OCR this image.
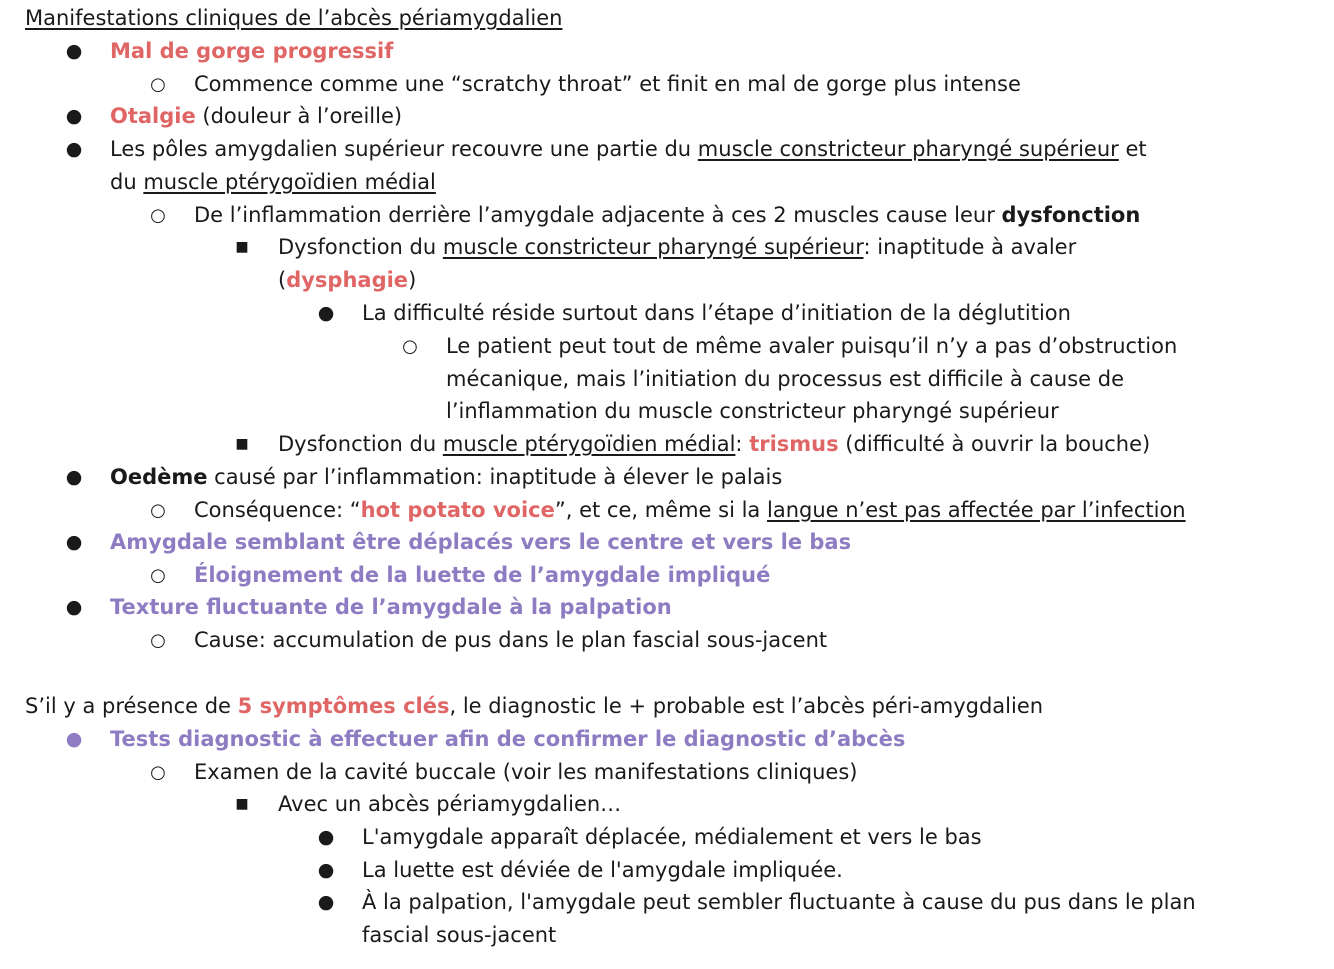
Manifestations cliniques de l’abcès périamygdalien
● Mal de gorge progressif
○ Commence comme une “scratchy throat” et finit en mal de gorge plus intense
● Otalgie (douleur à l’oreille)
● Les pôles amygdalien supérieur recouvre une partie du muscle constricteur pharyngé supérieur et
du muscle ptérygoïdien médial
○ De l’inflammation derrière l’amygdale adjacente à ces 2 muscles cause leur dysfonction
■ Dysfonction du muscle constricteur pharyngé supérieur: inaptitude à avaler
(dysphagie)
● La difficulté réside surtout dans l’étape d’initiation de la déglutition
○ Le patient peut tout de même avaler puisqu’il n’y a pas d’obstruction
mécanique, mais l’initiation du processus est difficile à cause de
l’inflammation du muscle constricteur pharyngé supérieur
■ Dysfonction du muscle ptérygoïdien médial: trismus (difficulté à ouvrir la bouche)
● Oedème causé par l’inflammation: inaptitude à élever le palais
○ Conséquence: “hot potato voice”, et ce, même si la langue n’est pas affectée par l’infection
● Amygdale semblant être déplacés vers le centre et vers le bas
○ Éloignement de la luette de l’amygdale impliqué
● Texture fluctuante de l’amygdale à la palpation
○ Cause: accumulation de pus dans le plan fascial sous-jacent
S’il y a présence de 5 symptômes clés, le diagnostic le + probable est l’abcès péri-amygdalien
● Tests diagnostic à effectuer afin de confirmer le diagnostic d’abcès
○ Examen de la cavité buccale (voir les manifestations cliniques)
■ Avec un abcès périamygdalien…
● L'amygdale apparaît déplacée, médialement et vers le bas
● La luette est déviée de l'amygdale impliquée.
● À la palpation, l'amygdale peut sembler fluctuante à cause du pus dans le plan
fascial sous-jacent
